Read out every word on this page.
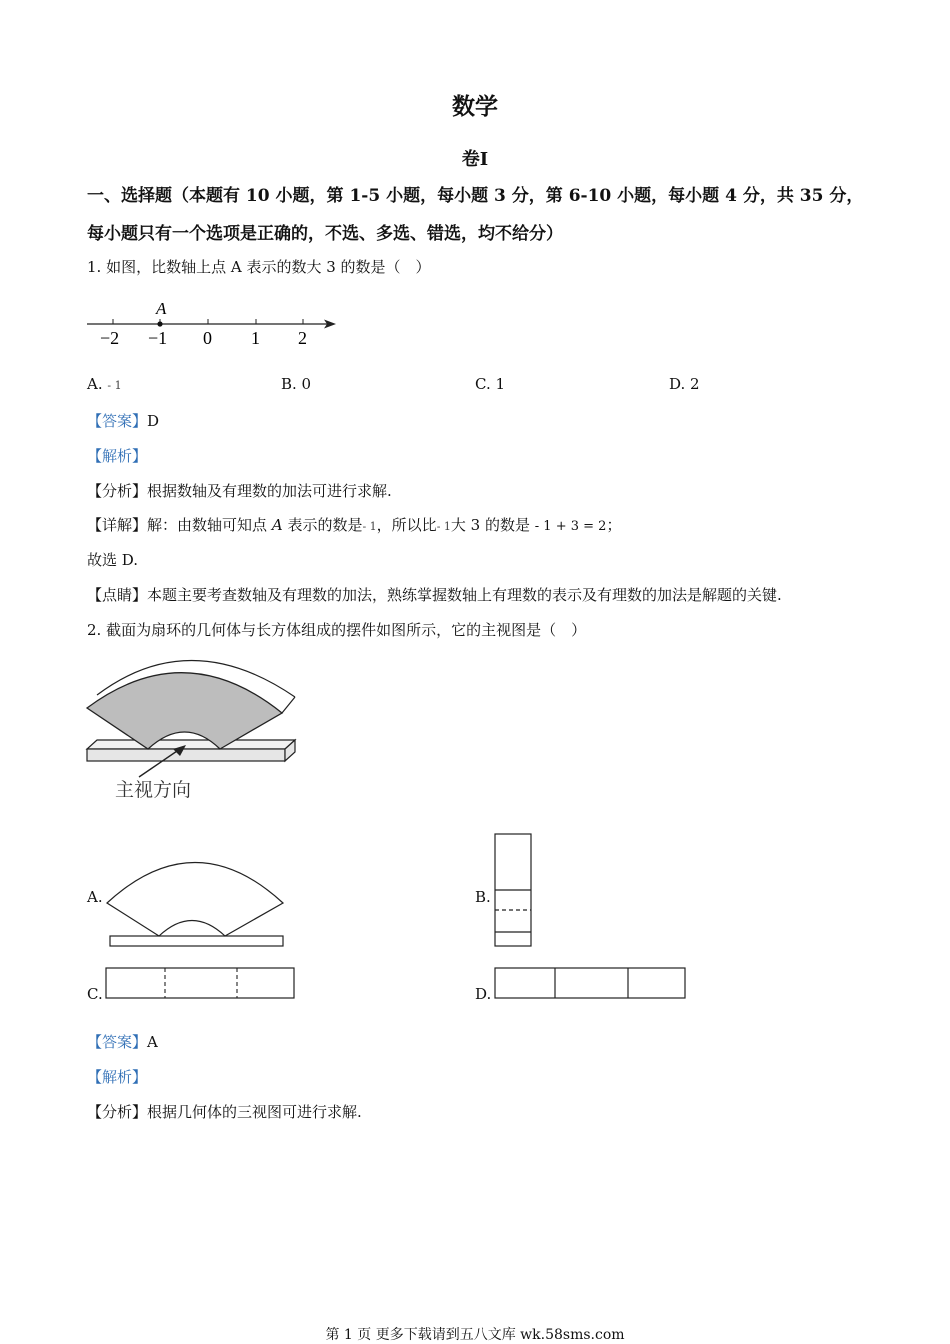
数学
卷Ⅰ
一、选择题（本题有 10 小题，第 1-5 小题，每小题 3 分，第 6-10 小题，每小题 4 分，共 35 分，
每小题只有一个选项是正确的，不选、多选、错选，均不给分）
1. 如图，比数轴上点 A 表示的数大 3 的数是（　）
A
−2 −1 0 1 2
A. - 1	B. 0	C. 1	D. 2
【答案】D
【解析】
【分析】根据数轴及有理数的加法可进行求解.
【详解】解：由数轴可知点 A 表示的数是- 1，所以比- 1大 3 的数是 - 1 + 3 = 2；
故选 D.
【点睛】本题主要考查数轴及有理数的加法，熟练掌握数轴上有理数的表示及有理数的加法是解题的关键.
2. 截面为扇环的几何体与长方体组成的摆件如图所示，它的主视图是（　）
主视方向
A.	B.
C.	D.
【答案】A
【解析】
【分析】根据几何体的三视图可进行求解.
第 1 页 更多下载请到五八文库 wk.58sms.com
